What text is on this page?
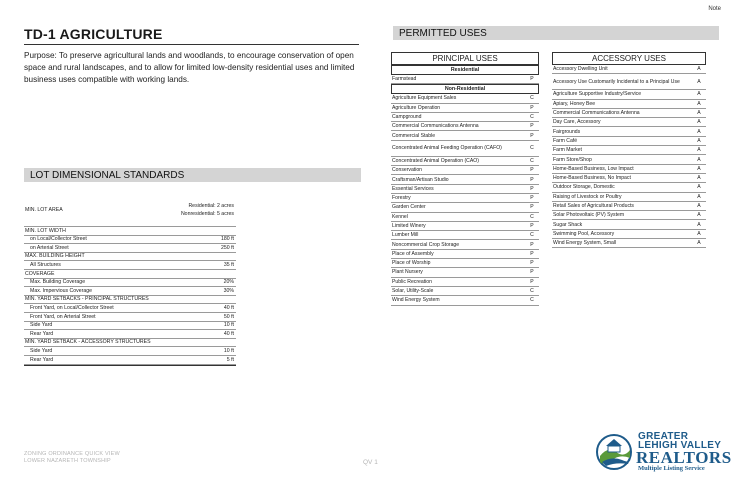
Note
TD-1 AGRICULTURE
Purpose: To preserve agricultural lands and woodlands, to encourage conservation of open space and rural landscapes, and to allow for limited low-density residential uses and limited business uses compatible with working lands.
LOT DIMENSIONAL STANDARDS
MIN. LOT AREA
Residential: 2 acres
Nonresidential: 5 acres
MIN. LOT WIDTH
on Local/Collector Street	180 ft
on Arterial Street	250 ft
MAX. BUILDING HEIGHT
All Structures	35 ft
COVERAGE
Max. Building Coverage	20%
Max. Impervious Coverage	30%
MIN. YARD SETBACKS - PRINCIPAL STRUCTURES
Front Yard, on Local/Collector Street	40 ft
Front Yard, on Arterial Street	50 ft
Side Yard	10 ft
Rear Yard	40 ft
MIN. YARD SETBACK - ACCESSORY STRUCTURES
Side Yard	10 ft
Rear Yard	5 ft
PERMITTED USES
PRINCIPAL USES
Residential
Farmstead	P
Non-Residential
Agriculture Equipment Sales	C
Agriculture Operation	P
Campground	C
Commercial Communications Antenna	P
Commercial Stable	P
Concentrated Animal Feeding Operation (CAFO)	C
Concentrated Animal Operation (CAO)	C
Conservation	P
Craftsman/Artisan Studio	P
Essential Services	P
Forestry	P
Garden Center	P
Kennel	C
Limited Winery	P
Lumber Mill	C
Noncommercial Crop Storage	P
Place of Assembly	P
Place of Worship	P
Plant Nursery	P
Public Recreation	P
Solar, Utility-Scale	C
Wind Energy System	C
ACCESSORY USES
Accessory Dwelling Unit	A
Accessory Use Customarily Incidental to a Principal Use	A
Agriculture Supportive Industry/Service	A
Apiary, Honey Bee	A
Commercial Communications Antenna	A
Day Care, Accessory	A
Fairgrounds	A
Farm Café	A
Farm Market	A
Farm Store/Shop	A
Home-Based Business, Low Impact	A
Home-Based Business, No Impact	A
Outdoor Storage, Domestic	A
Raising of Livestock or Poultry	A
Retail Sales of Agricultural Products	A
Solar Photovoltaic (PV) System	A
Sugar Shack	A
Swimming Pool, Accessory	A
Wind Energy System, Small	A
ZONING ORDINANCE QUICK VIEW
LOWER NAZARETH TOWNSHIP	QV 1
GREATER
LEHIGH VALLEY
REALTORS
Multiple Listing Service
